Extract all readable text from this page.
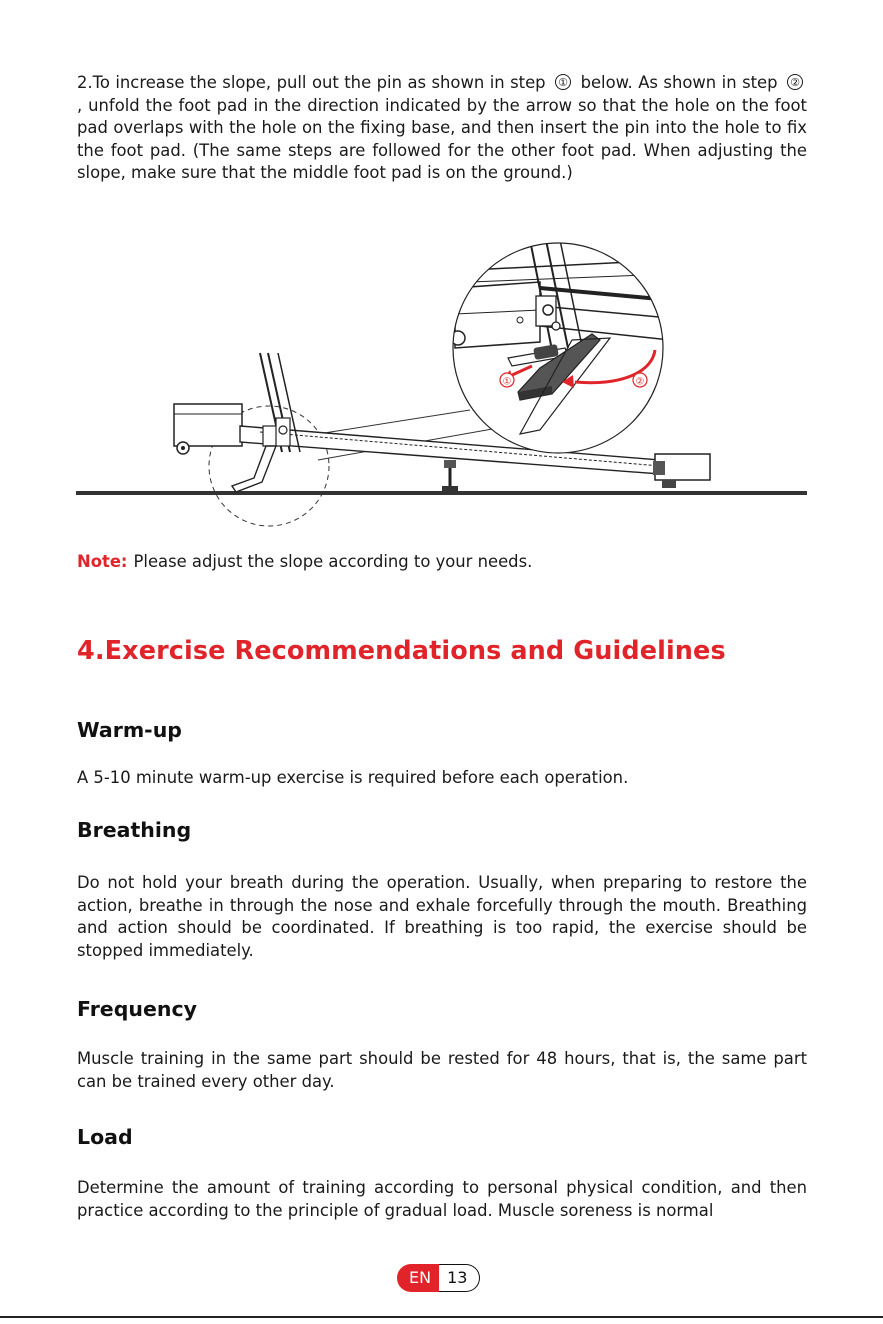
2.To increase the slope, pull out the pin as shown in step ① below. As shown in step ②, unfold the foot pad in the direction indicated by the arrow so that the hole on the foot pad overlaps with the hole on the fixing base, and then insert the pin into the hole to fix the foot pad. (The same steps are followed for the other foot pad. When adjusting the slope, make sure that the middle foot pad is on the ground.)

①	②

Note: Please adjust the slope according to your needs.

4.Exercise Recommendations and Guidelines
Warm-up

A 5-10 minute warm-up exercise is required before each operation.

Breathing

Do not hold your breath during the operation. Usually, when preparing to restore the action, breathe in through the nose and exhale forcefully through the mouth. Breathing and action should be coordinated. If breathing is too rapid, the exercise should be stopped immediately.

Frequency

Muscle training in the same part should be rested for 48 hours, that is, the same part can be trained every other day.

Load

Determine the amount of training according to personal physical condition, and then practice according to the principle of gradual load. Muscle soreness is normal

EN	13
